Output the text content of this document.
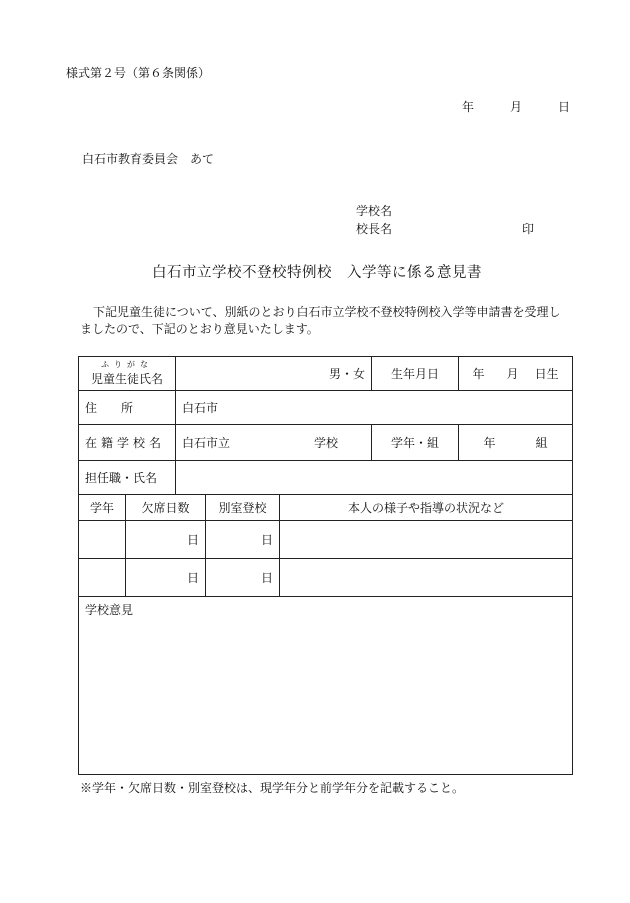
様式第２号（第６条関係）
年	月	日
白石市教育委員会　あて
学校名
校長名	印
白石市立学校不登校特例校　入学等に係る意見書
下記児童生徒について、別紙のとおり白石市立学校不登校特例校入学等申請書を受理しましたので、下記のとおり意見いたします。
ふりがな
児童生徒氏名		男・女			生年月日	年 月 日生
住　　所		白石市				
在籍学校名		白石市立 学校			学年・組	年 組
担任職・氏名						
学年	欠席日数		別室登校	本人の様子や指導の状況など		
	日		日			
	日		日			
学校意見						
※学年・欠席日数・別室登校は、現学年分と前学年分を記載すること。
